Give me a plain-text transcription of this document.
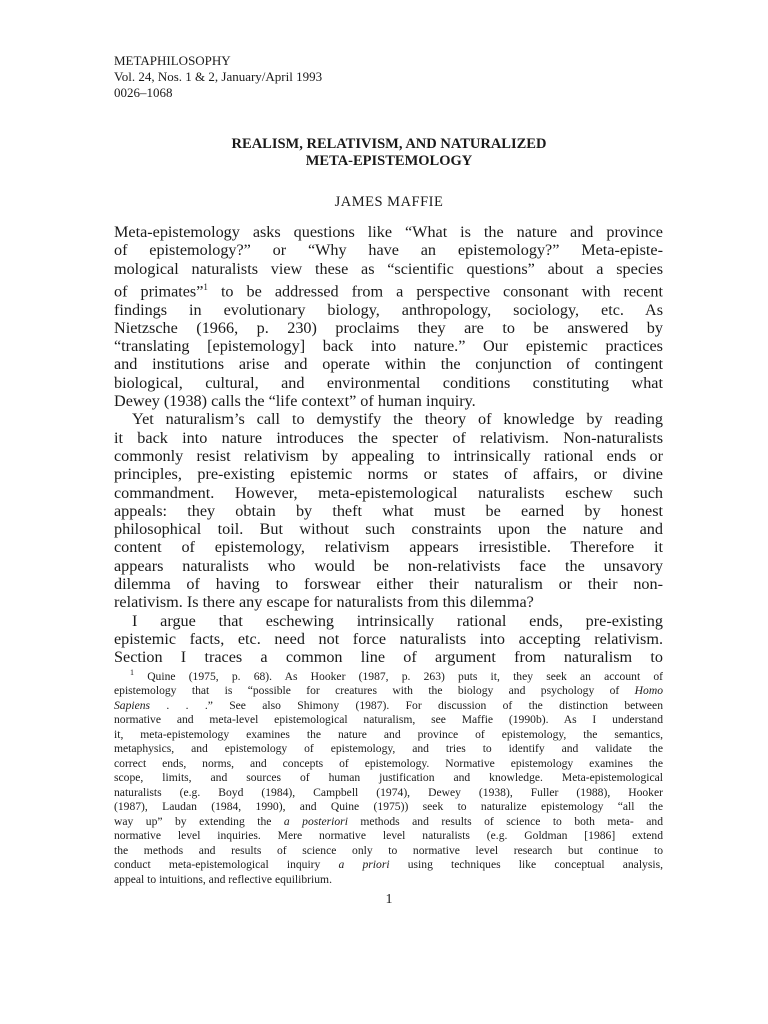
METAPHILOSOPHY
Vol. 24, Nos. 1 & 2, January/April 1993
0026–1068
REALISM, RELATIVISM, AND NATURALIZED
META-EPISTEMOLOGY
JAMES MAFFIE

Meta-epistemology asks questions like “What is the nature and province
of epistemology?” or “Why have an epistemology?” Meta-episte-
mological naturalists view these as “scientific questions” about a species
of primates”$^1$ to be addressed from a perspective consonant with recent
findings in evolutionary biology, anthropology, sociology, etc. As
Nietzsche (1966, p. 230) proclaims they are to be answered by
“translating [epistemology] back into nature.” Our epistemic practices
and institutions arise and operate within the conjunction of contingent
biological, cultural, and environmental conditions constituting what
Dewey (1938) calls the “life context” of human inquiry.

Yet naturalism’s call to demystify the theory of knowledge by reading
it back into nature introduces the specter of relativism. Non-naturalists
commonly resist relativism by appealing to intrinsically rational ends or
principles, pre-existing epistemic norms or states of affairs, or divine
commandment. However, meta-epistemological naturalists eschew such
appeals: they obtain by theft what must be earned by honest
philosophical toil. But without such constraints upon the nature and
content of epistemology, relativism appears irresistible. Therefore it
appears naturalists who would be non-relativists face the unsavory
dilemma of having to forswear either their naturalism or their non-
relativism. Is there any escape for naturalists from this dilemma?

I argue that eschewing intrinsically rational ends, pre-existing
epistemic facts, etc. need not force naturalists into accepting relativism.
Section I traces a common line of argument from naturalism to

$^1$ Quine (1975, p. 68). As Hooker (1987, p. 263) puts it, they seek an account of
epistemology that is “possible for creatures with the biology and psychology of Homo
Sapiens . . .” See also Shimony (1987). For discussion of the distinction between
normative and meta-level epistemological naturalism, see Maffie (1990b). As I understand
it, meta-epistemology examines the nature and province of epistemology, the semantics,
metaphysics, and epistemology of epistemology, and tries to identify and validate the
correct ends, norms, and concepts of epistemology. Normative epistemology examines the
scope, limits, and sources of human justification and knowledge. Meta-epistemological
naturalists (e.g. Boyd (1984), Campbell (1974), Dewey (1938), Fuller (1988), Hooker
(1987), Laudan (1984, 1990), and Quine (1975)) seek to naturalize epistemology “all the
way up” by extending the a posteriori methods and results of science to both meta- and
normative level inquiries. Mere normative level naturalists (e.g. Goldman [1986] extend
the methods and results of science only to normative level research but continue to
conduct meta-epistemological inquiry a priori using techniques like conceptual analysis,
appeal to intuitions, and reflective equilibrium.

1
